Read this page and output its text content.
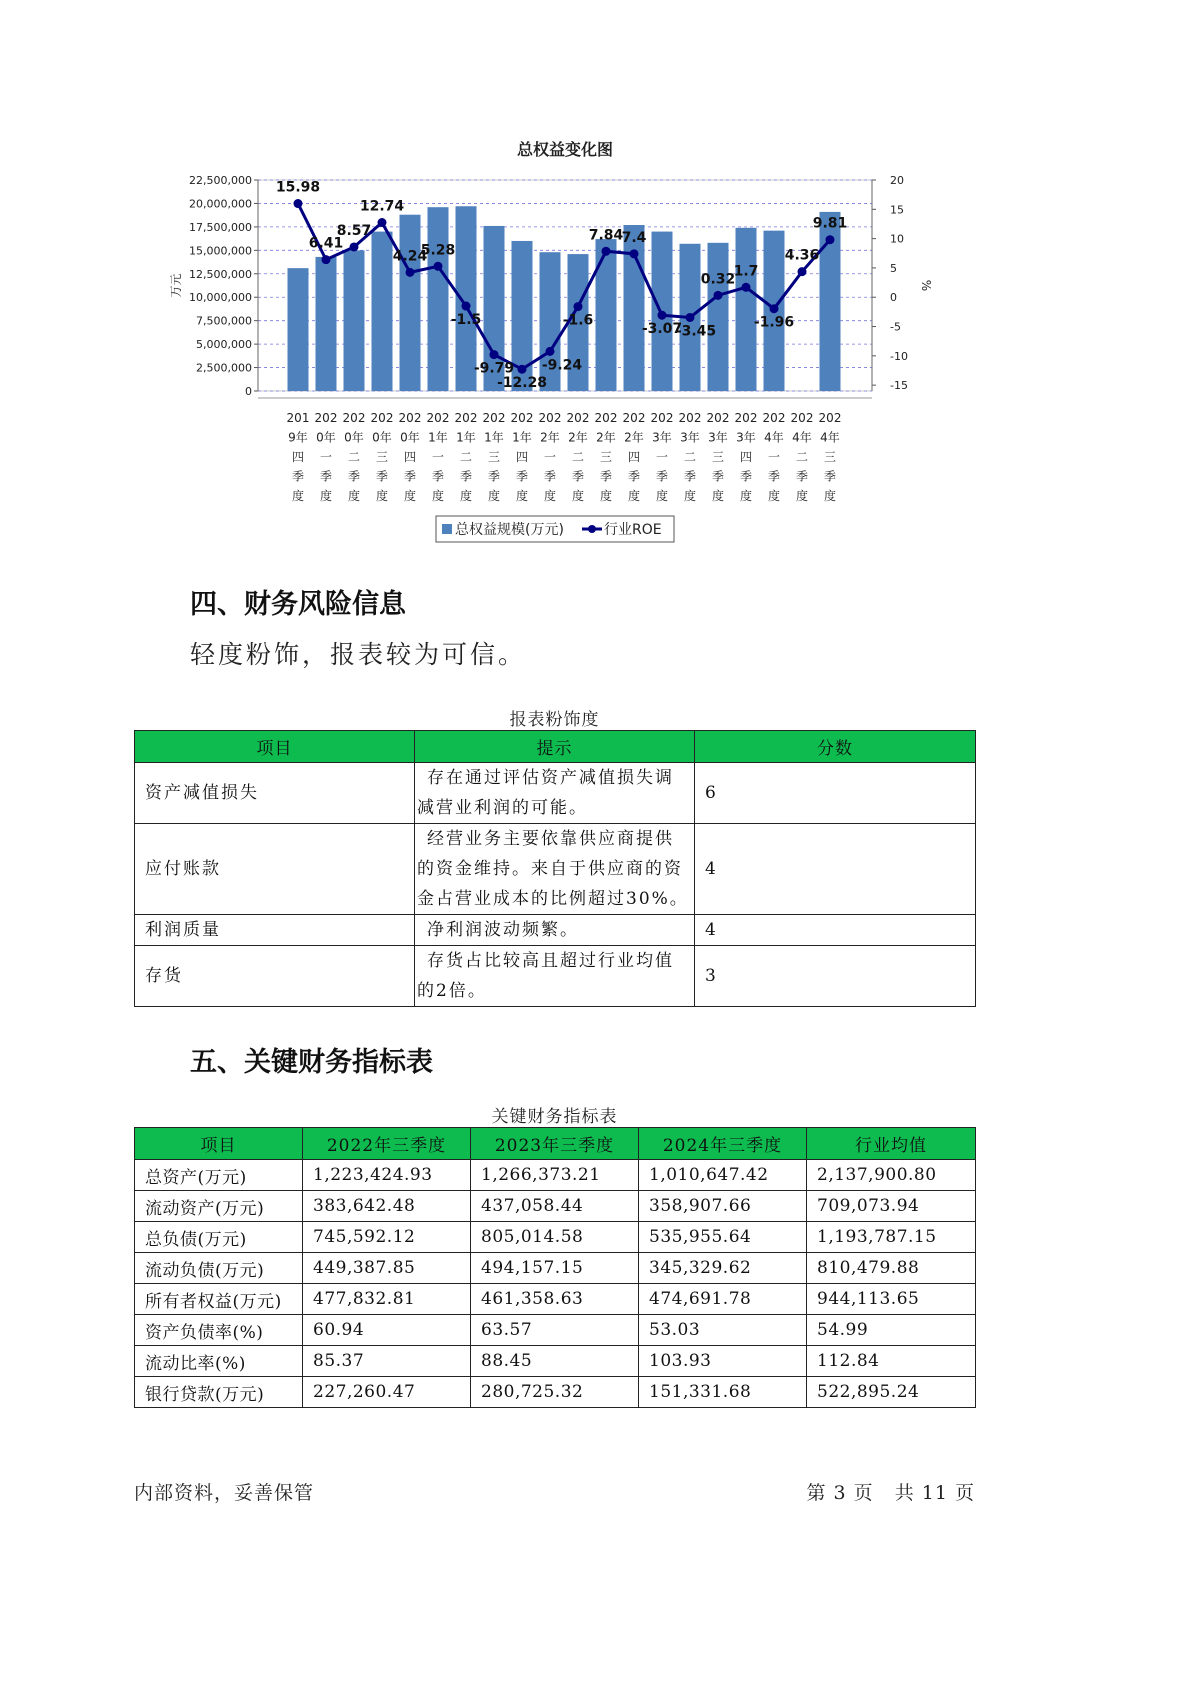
总权益变化图
0
2,500,000
5,000,000
7,500,000
10,000,000
12,500,000
15,000,000
17,500,000
20,000,000
22,500,000	20
15
10
5
0
-5
-10
-15
万元	%
201 9年四季度
202 0年一季度
202 0年二季度
202 0年三季度
202 0年四季度
202 1年一季度
202 1年二季度
202 1年三季度
202 1年四季度
202 2年一季度
202 2年二季度
202 2年三季度
202 2年四季度
202 3年一季度
202 3年二季度
202 3年三季度
202 3年四季度
202 4年一季度
202 4年二季度
202 4年三季度
15.98
6.41
8.57
12.74
4.24
5.28
-1.5
-9.79
-12.28
-9.24
-1.6
7.84
7.4
-3.07
-3.45
0.32
1.7
-1.96
4.36
9.81
总权益规模(万元)	行业ROE
四、财务风险信息
轻度粉饰，报表较为可信。
报表粉饰度
项目	提示	分数
资产减值损失	存在通过评估资产减值损失调减营业利润的可能。	6
应付账款	经营业务主要依靠供应商提供的资金维持。来自于供应商的资金占营业成本的比例超过30%。	4
利润质量	净利润波动频繁。	4
存货	存货占比较高且超过行业均值的2倍。	3
五、关键财务指标表
关键财务指标表
项目	2022年三季度	2023年三季度	2024年三季度	行业均值
总资产(万元)	1,223,424.93	1,266,373.21	1,010,647.42	2,137,900.80
流动资产(万元)	383,642.48	437,058.44	358,907.66	709,073.94
总负债(万元)	745,592.12	805,014.58	535,955.64	1,193,787.15
流动负债(万元)	449,387.85	494,157.15	345,329.62	810,479.88
所有者权益(万元)	477,832.81	461,358.63	474,691.78	944,113.65
资产负债率(%)	60.94	63.57	53.03	54.99
流动比率(%)	85.37	88.45	103.93	112.84
银行贷款(万元)	227,260.47	280,725.32	151,331.68	522,895.24
内部资料，妥善保管	第 3 页   共 11 页
